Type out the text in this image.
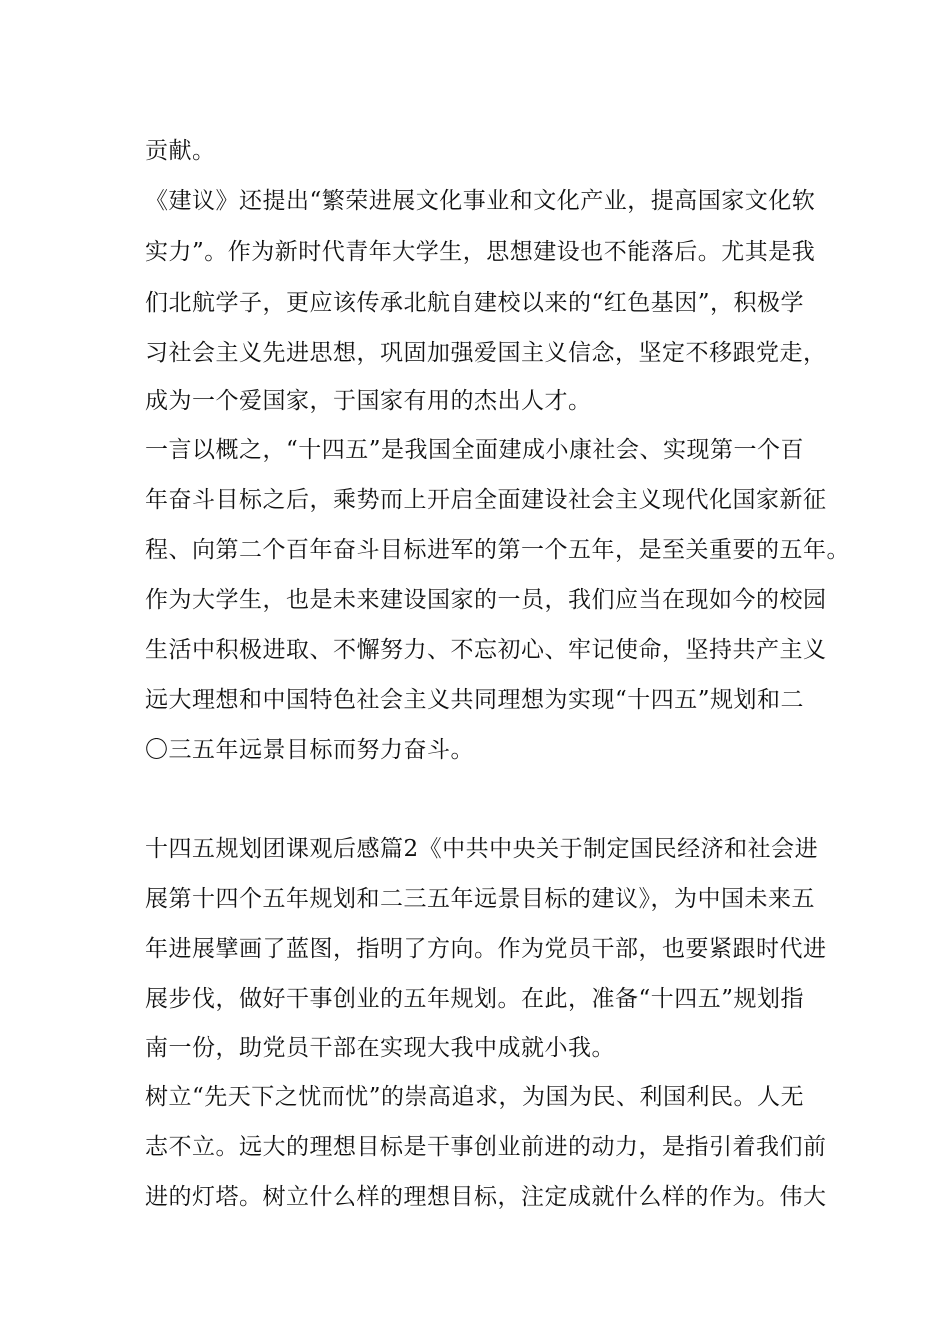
贡献。

《建议》还提出“繁荣进展文化事业和文化产业，提高国家文化软

实力”。作为新时代青年大学生，思想建设也不能落后。尤其是我

们北航学子，更应该传承北航自建校以来的“红色基因”，积极学

习社会主义先进思想，巩固加强爱国主义信念，坚定不移跟党走，

成为一个爱国家，于国家有用的杰出人才。

一言以概之，“十四五”是我国全面建成小康社会、实现第一个百

年奋斗目标之后，乘势而上开启全面建设社会主义现代化国家新征

程、向第二个百年奋斗目标进军的第一个五年，是至关重要的五年。

作为大学生，也是未来建设国家的一员，我们应当在现如今的校园

生活中积极进取、不懈努力、不忘初心、牢记使命，坚持共产主义

远大理想和中国特色社会主义共同理想为实现“十四五”规划和二

〇三五年远景目标而努力奋斗。

十四五规划团课观后感篇2《中共中央关于制定国民经济和社会进

展第十四个五年规划和二三五年远景目标的建议》，为中国未来五

年进展擘画了蓝图，指明了方向。作为党员干部，也要紧跟时代进

展步伐，做好干事创业的五年规划。在此，准备“十四五”规划指

南一份，助党员干部在实现大我中成就小我。

树立“先天下之忧而忧”的崇高追求，为国为民、利国利民。人无

志不立。远大的理想目标是干事创业前进的动力，是指引着我们前

进的灯塔。树立什么样的理想目标，注定成就什么样的作为。伟大
